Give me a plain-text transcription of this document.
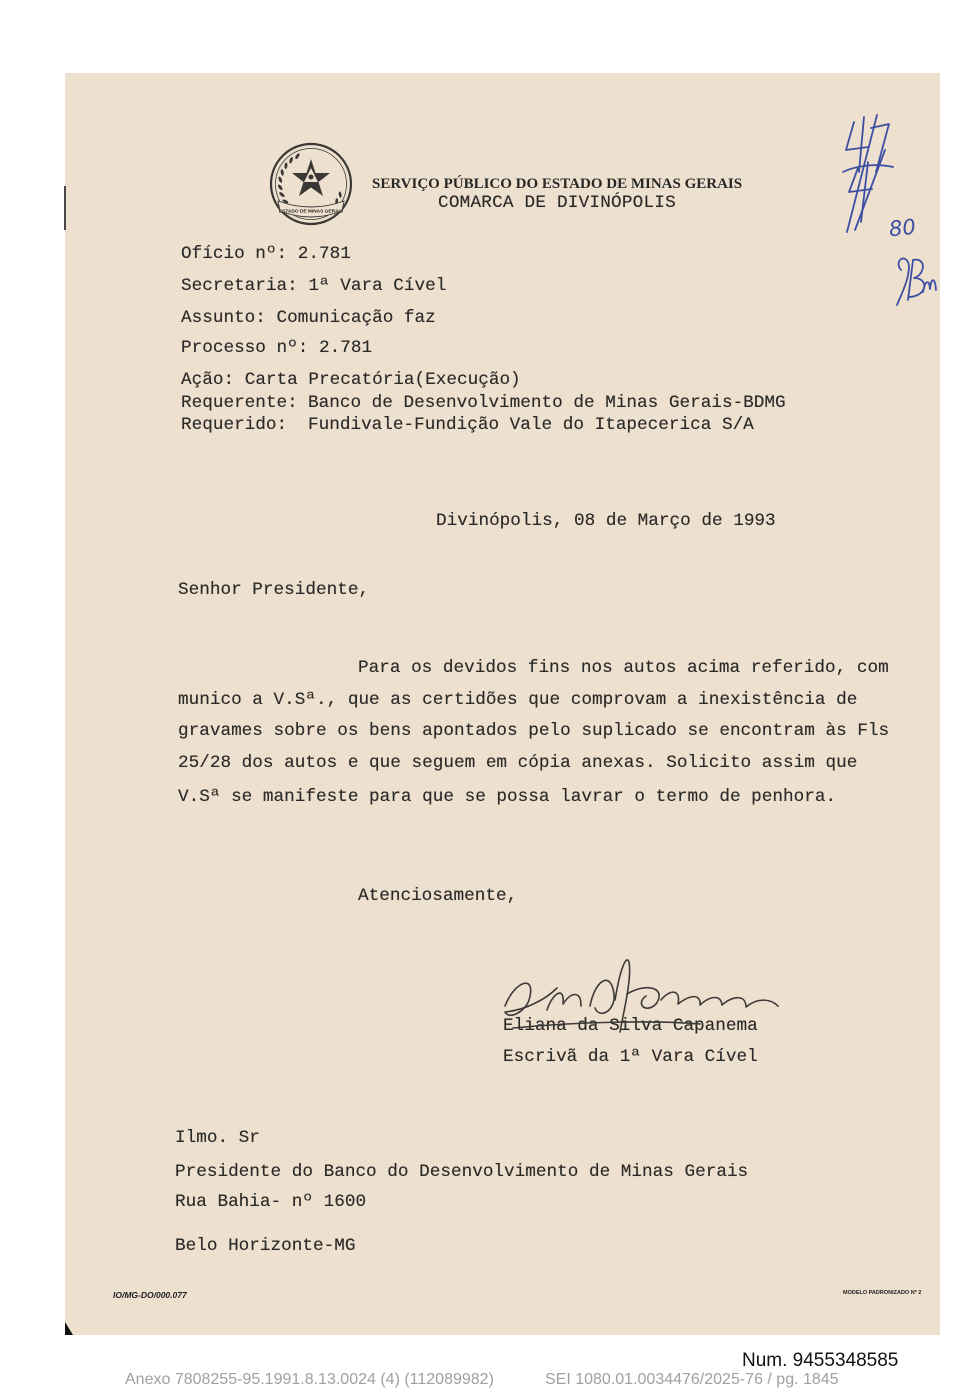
ESTADO DE MINAS GERAIS
SERVIÇO PÚBLICO DO ESTADO DE MINAS GERAIS
COMARCA DE DIVINÓPOLIS
80
Ofício nº: 2.781
Secretaria: 1ª Vara Cível
Assunto: Comunicação faz
Processo nº: 2.781
Ação: Carta Precatória(Execução)
Requerente: Banco de Desenvolvimento de Minas Gerais-BDMG
Requerido: Fundivale-Fundição Vale do Itapecerica S/A
Divinópolis, 08 de Março de 1993
Senhor Presidente,
Para os devidos fins nos autos acima referido, com
munico a V.Sª., que as certidões que comprovam a inexistência de
gravames sobre os bens apontados pelo suplicado se encontram às Fls
25/28 dos autos e que seguem em cópia anexas. Solicito assim que
V.Sª se manifeste para que se possa lavrar o termo de penhora.
Atenciosamente,
Eliana da Silva Capanema
Escrivã da 1ª Vara Cível
Ilmo. Sr
Presidente do Banco do Desenvolvimento de Minas Gerais
Rua Bahia- nº 1600
Belo Horizonte-MG
IO/MG-DO/000.077	MODELO PADRONIZADO Nº 2
Num. 9455348585
Anexo 7808255-95.1991.8.13.0024 (4) (112089982)	SEI 1080.01.0034476/2025-76 / pg. 1845
